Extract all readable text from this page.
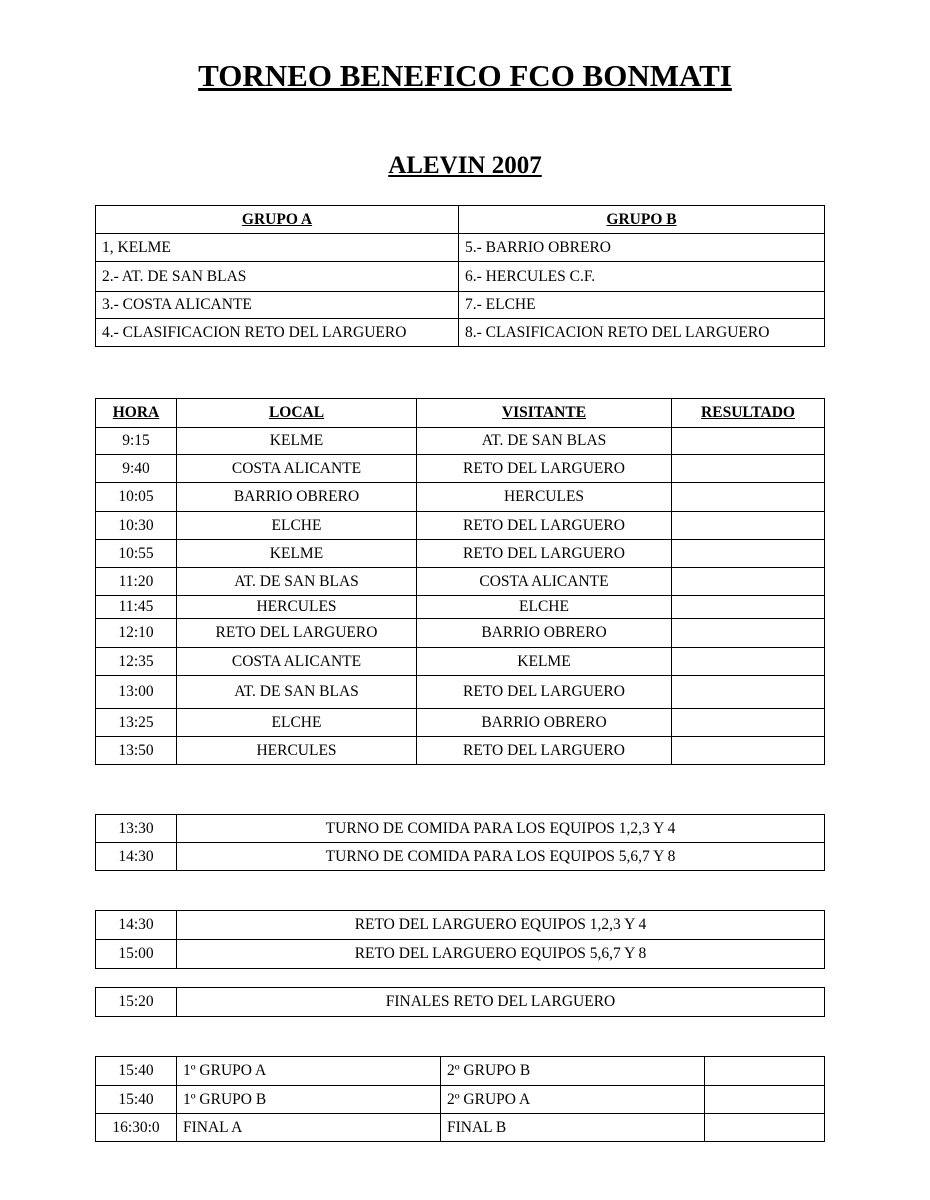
TORNEO BENEFICO FCO BONMATI
ALEVIN 2007
GRUPO A	GRUPO B
1, KELME	5.- BARRIO OBRERO
2.- AT. DE SAN BLAS	6.- HERCULES C.F.
3.- COSTA ALICANTE	7.- ELCHE
4.- CLASIFICACION RETO DEL LARGUERO	8.- CLASIFICACION RETO DEL LARGUERO
HORA	LOCAL	VISITANTE	RESULTADO
9:15	KELME	AT. DE SAN BLAS	
9:40	COSTA ALICANTE	RETO DEL LARGUERO	
10:05	BARRIO OBRERO	HERCULES	
10:30	ELCHE	RETO DEL LARGUERO	
10:55	KELME	RETO DEL LARGUERO	
11:20	AT. DE SAN BLAS	COSTA ALICANTE	
11:45	HERCULES	ELCHE	
12:10	RETO DEL LARGUERO	BARRIO OBRERO	
12:35	COSTA ALICANTE	KELME	
13:00	AT. DE SAN BLAS	RETO DEL LARGUERO	
13:25	ELCHE	BARRIO OBRERO	
13:50	HERCULES	RETO DEL LARGUERO	
13:30	TURNO DE COMIDA PARA LOS EQUIPOS 1,2,3 Y 4
14:30	TURNO DE COMIDA PARA LOS EQUIPOS 5,6,7 Y 8
14:30	RETO DEL LARGUERO EQUIPOS 1,2,3 Y 4
15:00	RETO DEL LARGUERO EQUIPOS 5,6,7 Y 8
15:20	FINALES RETO DEL LARGUERO
15:40	1º GRUPO A	2º GRUPO B	
15:40	1º GRUPO B	2º GRUPO A	
16:30:0	FINAL A	FINAL B	
